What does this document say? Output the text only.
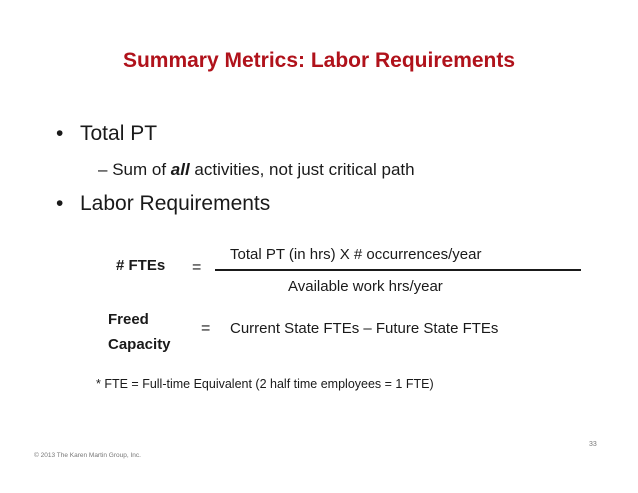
Summary Metrics: Labor Requirements
• Total PT
– Sum of all activities, not just critical path
• Labor Requirements
# FTEs =
Total PT (in hrs) X # occurrences/year
Available work hrs/year
Freed
Capacity
= Current State FTEs – Future State FTEs
* FTE = Full-time Equivalent (2 half time employees = 1 FTE)
© 2013 The Karen Martin Group, Inc.
33
